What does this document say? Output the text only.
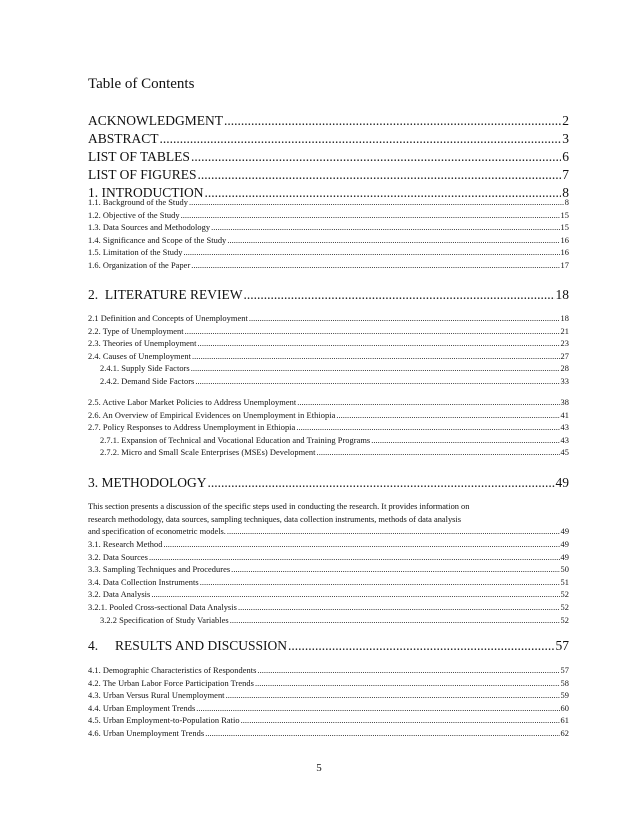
Table of Contents
ACKNOWLEDGMENT .....	2
ABSTRACT .....	3
LIST OF TABLES .....	6
LIST OF FIGURES .....	7
1. INTRODUCTION .....	8
1.1. Background of the Study .....	8
1.2. Objective of the Study .....	15
1.3. Data Sources and Methodology .....	15
1.4. Significance and Scope of the Study .....	16
1.5. Limitation of the Study .....	16
1.6. Organization of the Paper .....	17
2.  LITERATURE REVIEW .....	18
2.1 Definition and Concepts of Unemployment .....	18
2.2. Type of Unemployment .....	21
2.3. Theories of Unemployment .....	23
2.4. Causes of Unemployment .....	27
2.4.1. Supply Side Factors .....	28
2.4.2. Demand Side Factors .....	33
2.5. Active Labor Market Policies to Address Unemployment .....	38
2.6. An Overview of Empirical Evidences on Unemployment in Ethiopia .....	41
2.7. Policy Responses to Address Unemployment in Ethiopia .....	43
2.7.1. Expansion of Technical and Vocational Education and Training Programs .....	43
2.7.2. Micro and Small Scale Enterprises (MSEs) Development .....	45
3. METHODOLOGY .....	49
This section presents a discussion of the specific steps used in conducting the research. It provides information on
research methodology, data sources, sampling techniques, data collection instruments, methods of data analysis
and specification of econometric models. .....	49
3.1. Research Method .....	49
3.2. Data Sources .....	49
3.3. Sampling Techniques and Procedures .....	50
3.4. Data Collection Instruments .....	51
3.2. Data Analysis .....	52
3.2.1. Pooled Cross-sectional Data Analysis .....	52
3.2.2 Specification of Study Variables .....	52
4.     RESULTS AND DISCUSSION .....	57
4.1. Demographic Characteristics of Respondents .....	57
4.2. The Urban Labor Force Participation Trends .....	58
4.3. Urban Versus Rural Unemployment .....	59
4.4. Urban Employment Trends .....	60
4.5. Urban Employment-to-Population Ratio .....	61
4.6. Urban Unemployment Trends .....	62
5
